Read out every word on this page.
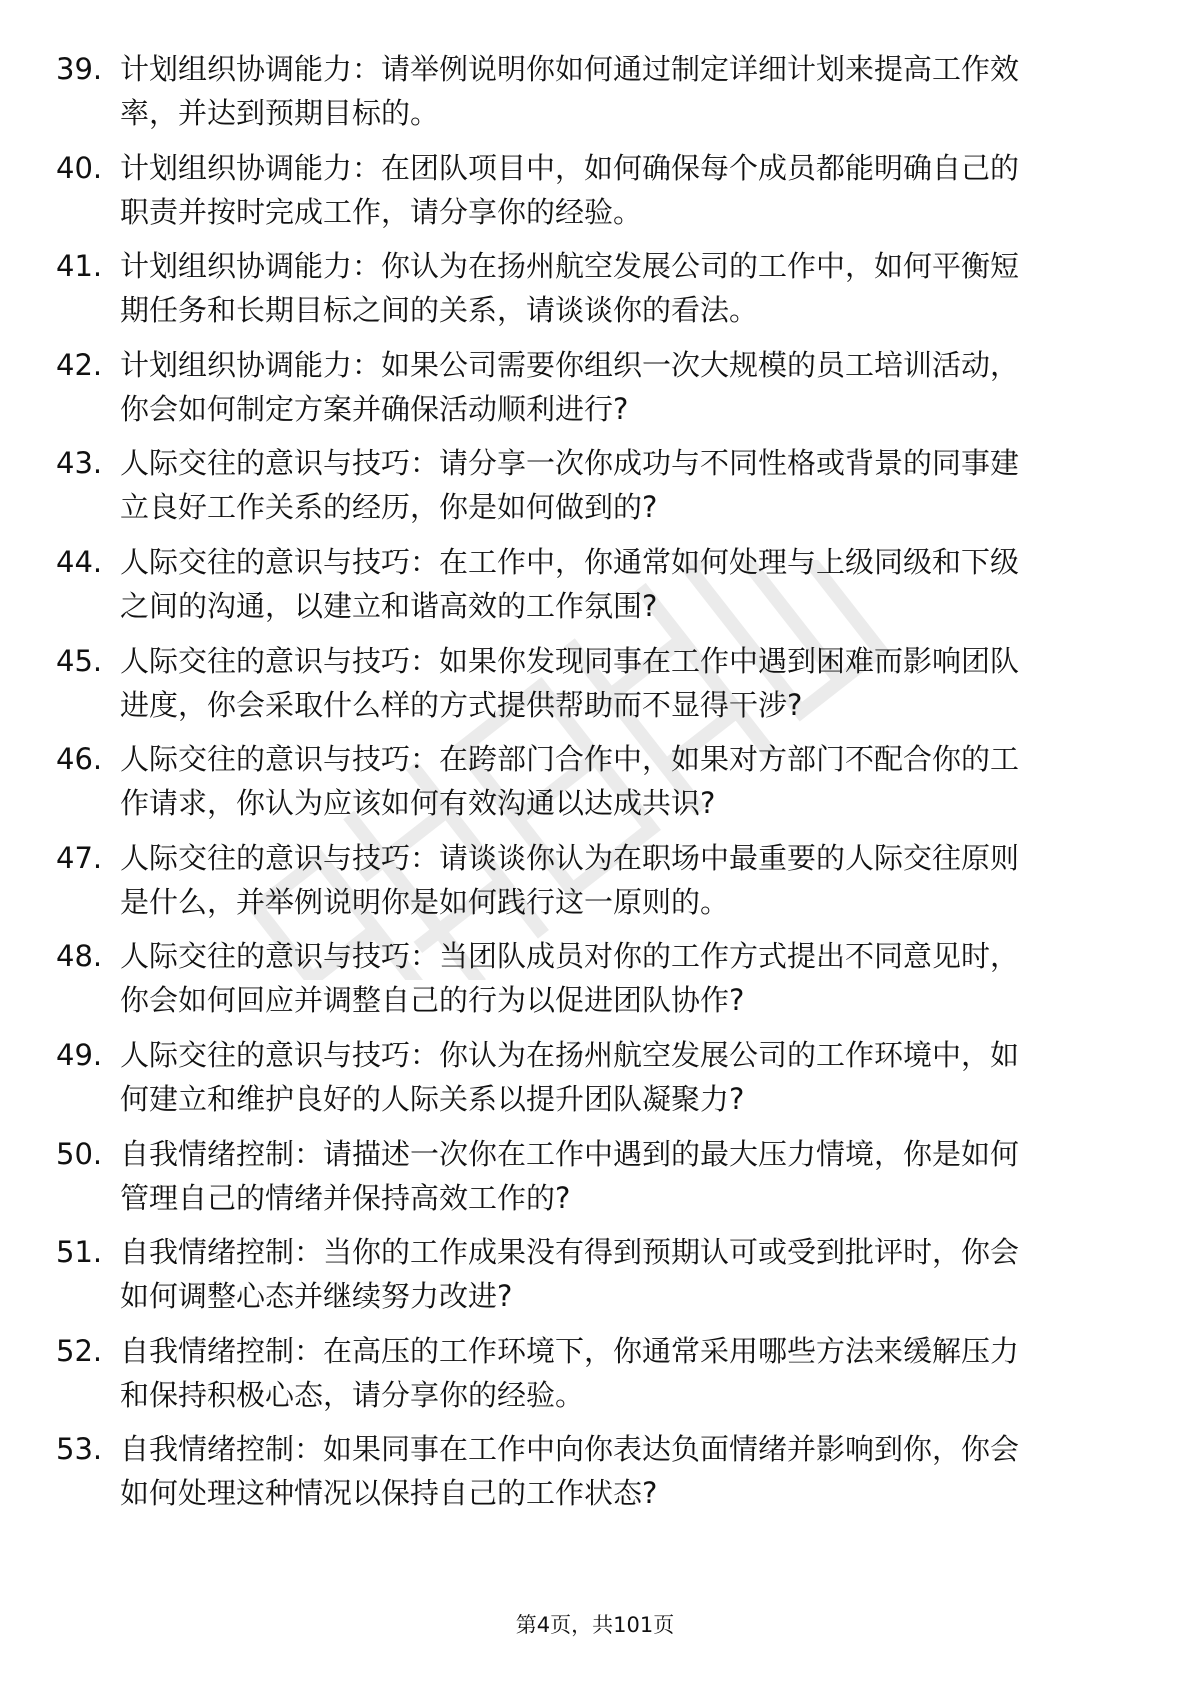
39. 计划组织协调能力：请举例说明你如何通过制定详细计划来提高工作效率，并达到预期目标的。
40. 计划组织协调能力：在团队项目中，如何确保每个成员都能明确自己的职责并按时完成工作，请分享你的经验。
41. 计划组织协调能力：你认为在扬州航空发展公司的工作中，如何平衡短期任务和长期目标之间的关系，请谈谈你的看法。
42. 计划组织协调能力：如果公司需要你组织一次大规模的员工培训活动，你会如何制定方案并确保活动顺利进行?
43. 人际交往的意识与技巧：请分享一次你成功与不同性格或背景的同事建立良好工作关系的经历，你是如何做到的?
44. 人际交往的意识与技巧：在工作中，你通常如何处理与上级同级和下级之间的沟通，以建立和谐高效的工作氛围?
45. 人际交往的意识与技巧：如果你发现同事在工作中遇到困难而影响团队进度，你会采取什么样的方式提供帮助而不显得干涉?
46. 人际交往的意识与技巧：在跨部门合作中，如果对方部门不配合你的工作请求，你认为应该如何有效沟通以达成共识?
47. 人际交往的意识与技巧：请谈谈你认为在职场中最重要的人际交往原则是什么，并举例说明你是如何践行这一原则的。
48. 人际交往的意识与技巧：当团队成员对你的工作方式提出不同意见时，你会如何回应并调整自己的行为以促进团队协作?
49. 人际交往的意识与技巧：你认为在扬州航空发展公司的工作环境中，如何建立和维护良好的人际关系以提升团队凝聚力?
50. 自我情绪控制：请描述一次你在工作中遇到的最大压力情境，你是如何管理自己的情绪并保持高效工作的?
51. 自我情绪控制：当你的工作成果没有得到预期认可或受到批评时，你会如何调整心态并继续努力改进?
52. 自我情绪控制：在高压的工作环境下，你通常采用哪些方法来缓解压力和保持积极心态，请分享你的经验。
53. 自我情绪控制：如果同事在工作中向你表达负面情绪并影响到你，你会如何处理这种情况以保持自己的工作状态?
第4页，共101页
